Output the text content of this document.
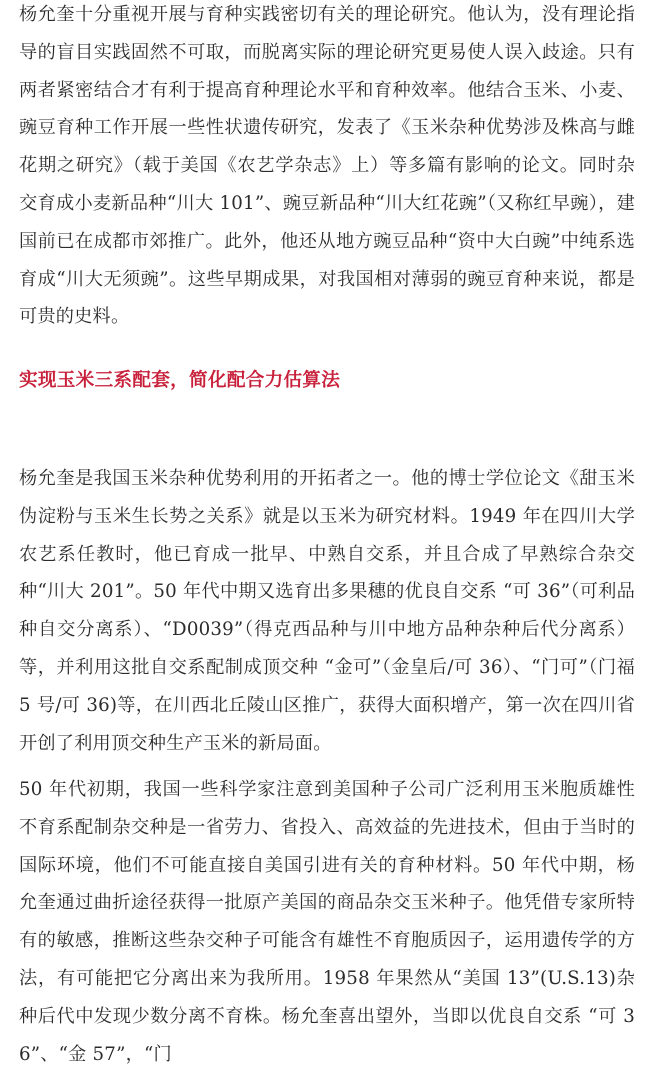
杨允奎十分重视开展与育种实践密切有关的理论研究。他认为，没有理论指导的盲目实践固然不可取，而脱离实际的理论研究更易使人误入歧途。只有两者紧密结合才有利于提高育种理论水平和育种效率。他结合玉米、小麦、豌豆育种工作开展一些性状遗传研究，发表了《玉米杂种优势涉及株高与雌花期之研究》（载于美国《农艺学杂志》上）等多篇有影响的论文。同时杂交育成小麦新品种“川大 101”、豌豆新品种“川大红花豌”（又称红早豌），建国前已在成都市郊推广。此外，他还从地方豌豆品种“资中大白豌”中纯系选育成“川大无须豌”。这些早期成果，对我国相对薄弱的豌豆育种来说，都是可贵的史料。

实现玉米三系配套，简化配合力估算法

杨允奎是我国玉米杂种优势利用的开拓者之一。他的博士学位论文《甜玉米伪淀粉与玉米生长势之关系》就是以玉米为研究材料。1949 年在四川大学农艺系任教时，他已育成一批早、中熟自交系，并且合成了早熟综合杂交种“川大 201”。50 年代中期又选育出多果穗的优良自交系 “可 36”（可利品种自交分离系）、“D0039”（得克西品种与川中地方品种杂种后代分离系）等，并利用这批自交系配制成顶交种 “金可”（金皇后/可 36）、“门可”（门福 5 号/可 36)等，在川西北丘陵山区推广，获得大面积增产，第一次在四川省开创了利用顶交种生产玉米的新局面。

50 年代初期，我国一些科学家注意到美国种子公司广泛利用玉米胞质雄性不育系配制杂交种是一省劳力、省投入、高效益的先进技术，但由于当时的国际环境，他们不可能直接自美国引进有关的育种材料。50 年代中期，杨允奎通过曲折途径获得一批原产美国的商品杂交玉米种子。他凭借专家所特有的敏感，推断这些杂交种子可能含有雄性不育胞质因子，运用遗传学的方法，有可能把它分离出来为我所用。1958 年果然从“美国 13”(U.S.13)杂种后代中发现少数分离不育株。杨允奎喜出望外，当即以优良自交系 “可 36”、“金 57”，“门
